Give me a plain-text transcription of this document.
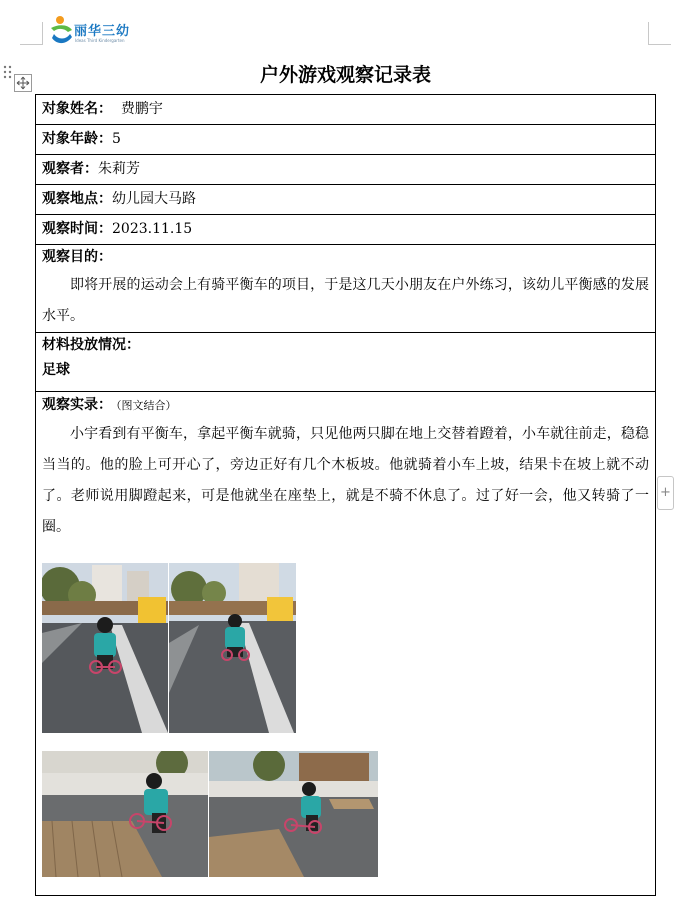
丽华三幼
Ideas Third Kindergarten
+
户外游戏观察记录表
对象姓名：  费鹏宇
对象年龄：5
观察者：朱莉芳
观察地点：幼儿园大马路
观察时间：2023.11.15

观察目的：

即将开展的运动会上有骑平衡车的项目，于是这几天小朋友在户外练习，该幼儿平衡感的发展水平。

材料投放情况：
足球

观察实录： （图文结合）

小宇看到有平衡车，拿起平衡车就骑，只见他两只脚在地上交替着蹬着，小车就往前走，稳稳当当的。他的脸上可开心了，旁边正好有几个木板坡。他就骑着小车上坡，结果卡在坡上就不动了。老师说用脚蹬起来，可是他就坐在座垫上，就是不骑不休息了。过了好一会，他又转骑了一圈。
